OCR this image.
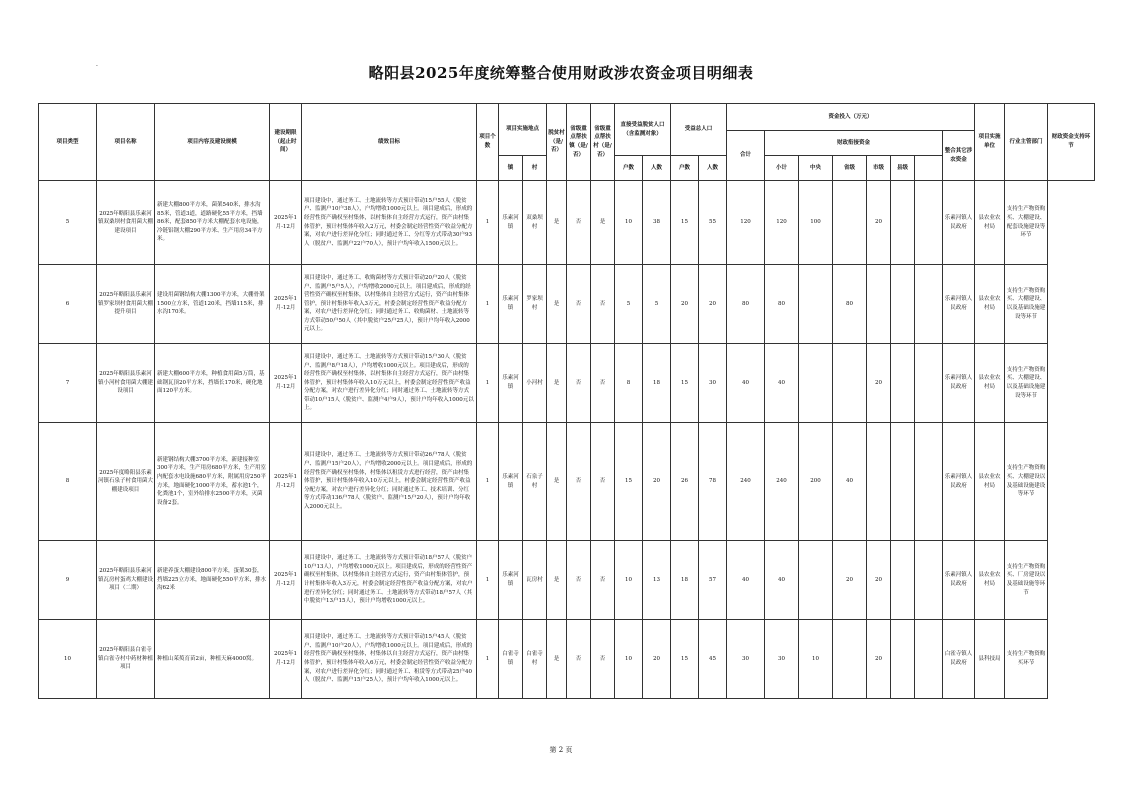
·	略阳县2025年度统筹整合使用财政涉农资金项目明细表
项目类型	项目名称	项目内容及建设规模	建设期限（起止时间）	绩效目标	项目个数	项目实施地点		脱贫村（是/否）	省级重点帮扶镇（是/否）	省级重点帮扶村（是/否）	直接受益脱贫人口（含监测对象）		受益总人口		资金投入（万元）								项目实施单位	行业主管部门	财政资金支持环节
															合计	财政衔接资金						整合其它涉农资金			
						镇	村				户数	人数	户数	人数		小计	中央	省级	市级	县级					
5	2025年略阳县乐素河镇双桑坝村食用菌大棚建设项目	新建大棚800平方米，菌架540米，排水沟85米，管道3道，道路硬化55平方米，挡墙86米，配套850平方米大棚配套水电设施，冷链铝钢大棚290平方米、生产用房34平方米。	2025年1月-12月	项目建设中，通过务工、土地流转等方式预计带动15户55人（脱贫户、监测户10户38人），户均增收1000元以上。项目建成后，形成的经营性资产确权至村集体，以村集体自主经营方式运行，资产由村集体管护，预计村集体年收入2万元，村委会制定经营性资产收益分配方案，对农户进行差异化分红；同时通过务工、分红等方式带动30户93人（脱贫户、监测户22户70人），预计户均年收入1500元以上。	1	乐素河镇	双桑坝村	是	否	是	10	38	15	55	120	120	100		20			乐素河镇人民政府	县农业农村局	支持生产物资购买、大棚建设、配套设施建设等环节	
6	2025年略阳县乐素河镇罗家坝村食用菌大棚提升项目	建设用菌钢结构大棚1300平方米，大棚骨架1500立方米，管道120米，挡墙115米，排水沟170米。	2025年1月-12月	项目建设中，通过务工、收购菌材等方式预计带动20户20人（脱贫户、监测户5户5人），户均增收2000元以上。项目建成后，形成的经营性资产确权至村集体，以村集体自主经营方式运行，资产由村集体管护，预计村集体年收入3万元，村委会制定经营性资产收益分配方案，对农户进行差异化分红；同时通过务工、收购菌材、土地流转等方式带动50户50人（其中脱贫户25户25人），预计户均年收入2000元以上。	1	乐素河镇	罗家坝村	是	否	否	5	5	20	20	80	80		80				乐素河镇人民政府	县农业农村局	支持生产物资购买、大棚建设、以及基础设施建设等环节	
7	2025年略阳县乐素河镇小河村食用菌大棚建设项目	新建大棚600平方米，种植食用菌5万筒，基础钢瓦顶20平方米，挡墙长170米，硬化地面120平方米。	2025年1月-12月	项目建设中，通过务工、土地流转等方式预计带动15户30人（脱贫户、监测户8户18人），户均增收1000元以上。项目建成后，形成的经营性资产确权至村集体，以村集体自主经营方式运行，资产由村集体管护，预计村集体年收入10万元以上，村委会制定经营性资产收益分配方案，对农户进行差异化分红；同时通过务工、土地流转等方式带动10户15人（脱贫户、监测户4户9人），预计户均年收入1000元以上。	1	乐素河镇	小河村	是	否	否	8	18	15	30	40	40			20			乐素河镇人民政府	县农业农村局	支持生产物资购买、大棚建设、以及基础设施建设等环节	
8	2025年度略阳县乐素河镇石泉子村食用菌大棚建设项目	新建钢结构大棚3700平方米，新建接种室300平方米，生产用房680平方米，生产用室内配套水电设施680平方米，附属用房250平方米，地面硬化1000平方米，蓄水池1个，化粪池1个，室外给排水2500平方米，灭菌设备2套。	2025年1月-12月	项目建设中，通过务工、土地流转等方式预计带动26户78人（脱贫户、监测户15户20人），户均增收2000元以上。项目建成后，形成的经营性资产确权至村集体，村集体以租赁方式进行经营，资产由村集体管护，预计村集体年收入10万元以上，村委会制定经营性资产收益分配方案，对农户进行差异化分红；同时通过务工、技术培训、分红等方式带动136户78人（脱贫户、监测户15户20人），预计户均年收入2000元以上。	1	乐素河镇	石泉子村	是	否	否	15	20	26	78	240	240	200	40				乐素河镇人民政府	县农业农村局	支持生产物资购买、大棚建设以及基础设施建设等环节	
9	2025年略阳县乐素河镇瓦房村蛋鸡大棚建设项目（二期）	新建养蛋大棚建设800平方米，蛋架30套，挡墙225立方米，地面硬化550平方米，排水沟62米	2025年1月-12月	项目建设中，通过务工、土地流转等方式预计带动18户57人（脱贫户10户13人），户均增收1000元以上。项目建成后，形成的经营性资产确权至村集体，以村集体自主经营方式运行，资产由村集体管护，预计村集体年收入3万元，村委会制定经营性资产收益分配方案，对农户进行差异化分红；同时通过务工、土地流转等方式带动18户57人（其中脱贫户13户15人），预计户均增收1000元以上。	1	乐素河镇	瓦房村	是	否	否	10	13	18	57	40	40		20	20			乐素河镇人民政府	县农业农村局	支持生产物资购买、厂房建设以及基础设施等环节	
10	2025年略阳县白雀寺镇白雀寺村中药材种植项目	种植山茱萸育苗2亩，种植天麻4000窝。	2025年1月-12月	项目建设中，通过务工、土地流转等方式预计带动15户45人（脱贫户、监测户10户20人），户均增收1000元以上。项目建成后，形成的经营性资产确权至村集体，村集体以自主经营方式运行，资产由村集体管护，预计村集体年收入6万元，村委会制定经营性资产收益分配方案，对农户进行差异化分红；同时通过务工、租赁等方式带动25户40人（脱贫户、监测户15户25人），预计户均年收入1000元以上。	1	白雀寺镇	白雀寺村	是	否	否	10	20	15	45	30	30	10		20			白雀寺镇人民政府	县科技局	支持生产物资购买环节	
第 2 页
